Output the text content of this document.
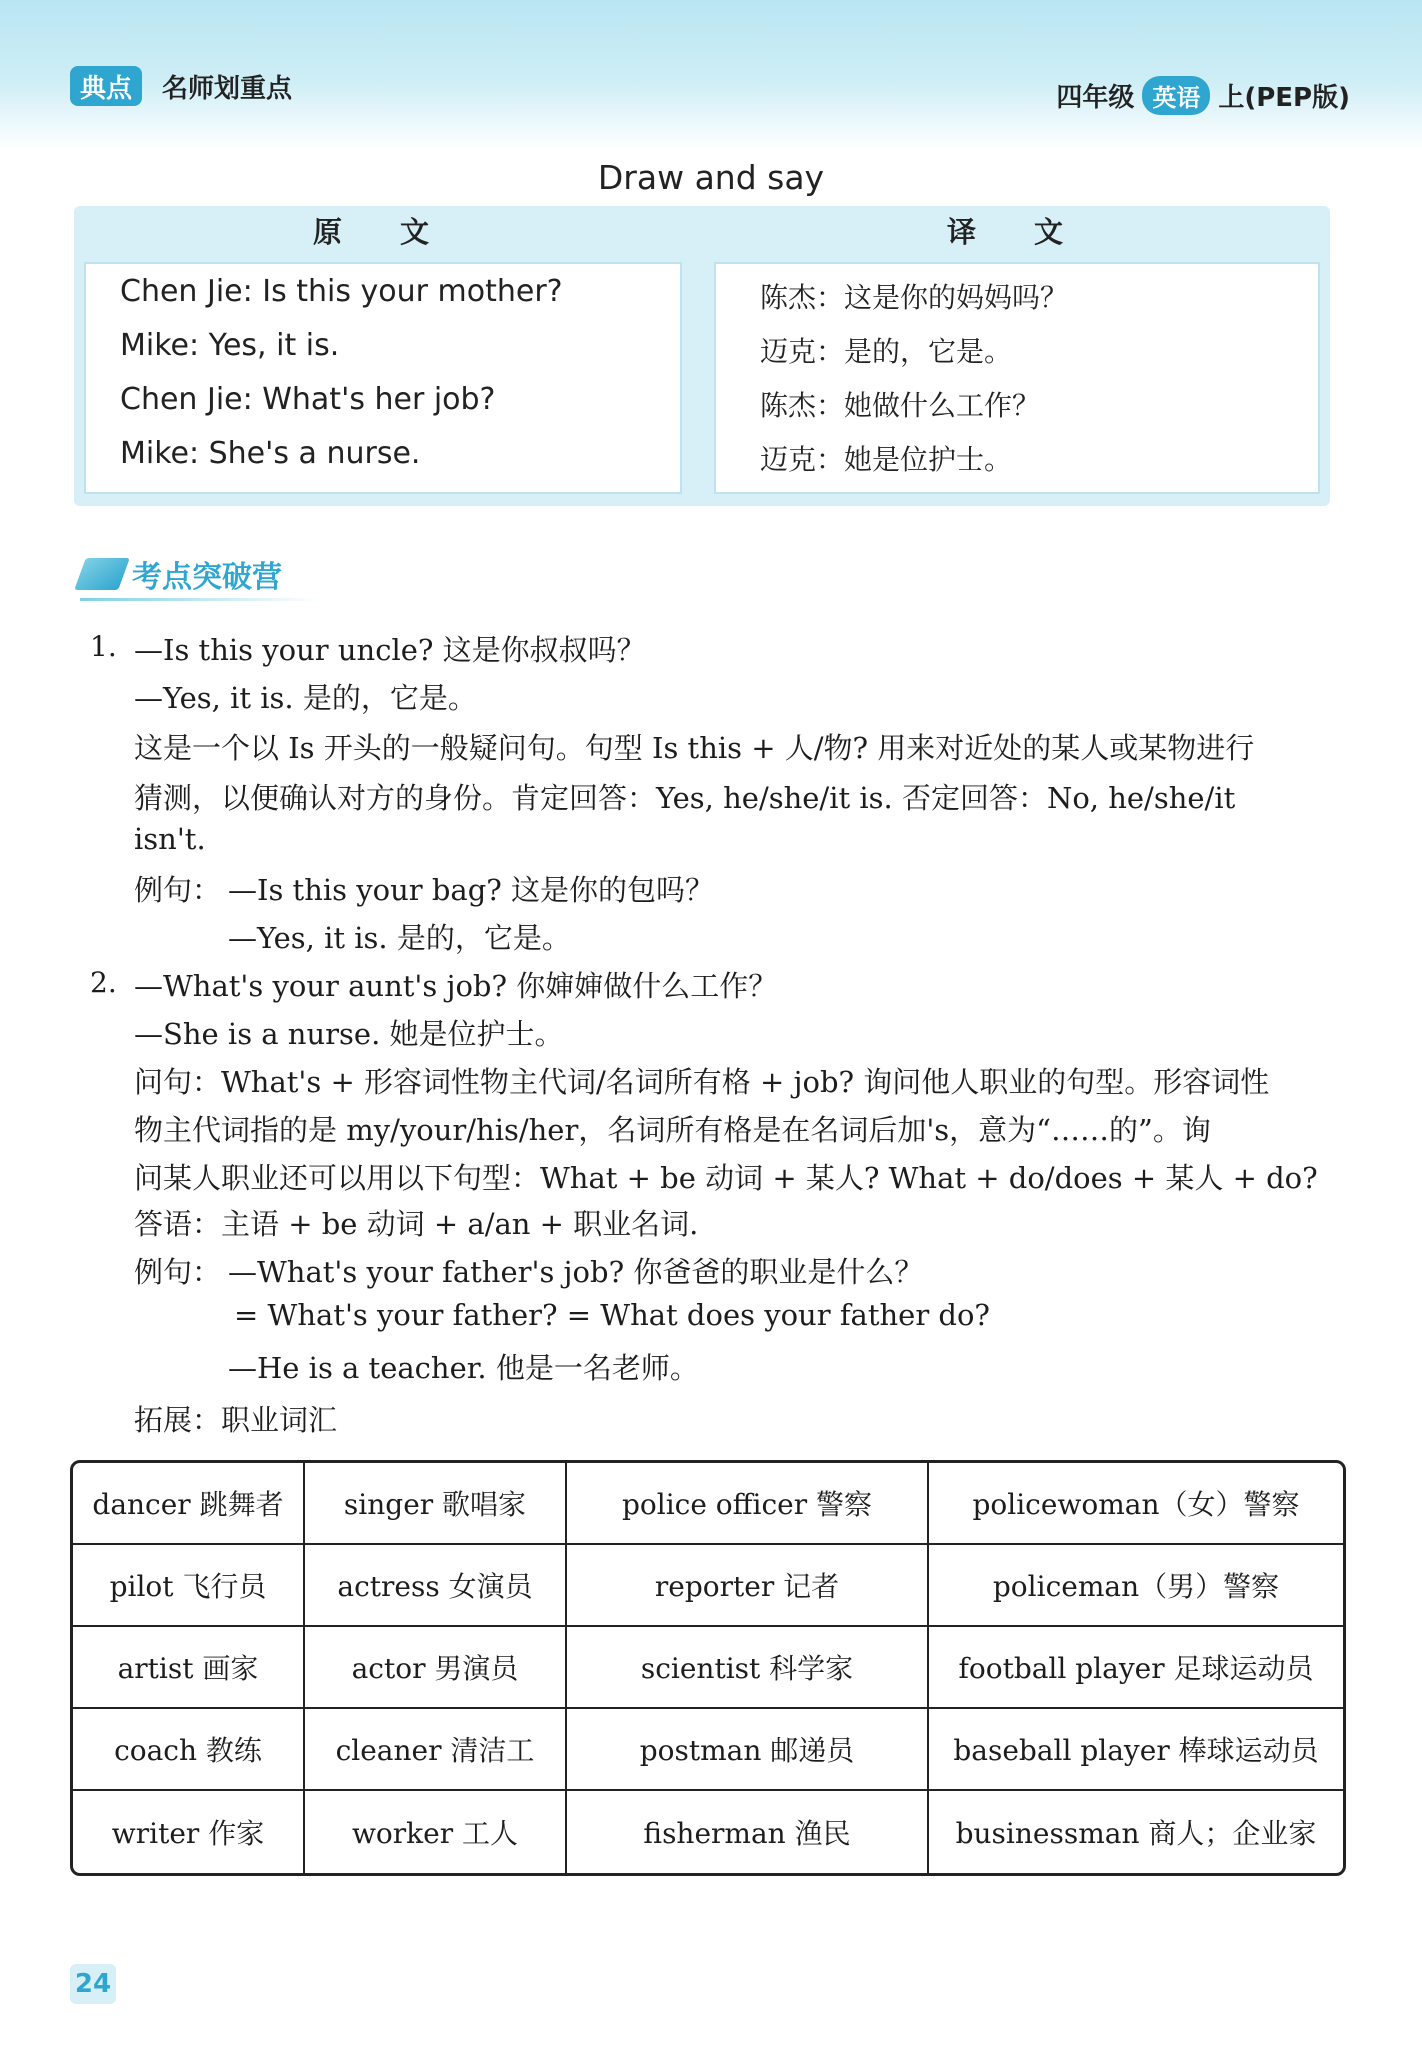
典点	名师划重点	四年级 英语 上(PEP版)
Draw and say
原 文
Chen Jie: Is this your mother?
Mike: Yes, it is.
Chen Jie: What's her job?
Mike: She's a nurse.
译 文
陈杰：这是你的妈妈吗？
迈克：是的，它是。
陈杰：她做什么工作？
迈克：她是位护士。
考点突破营
1. —Is this your uncle? 这是你叔叔吗？
—Yes, it is. 是的，它是。
这是一个以 Is 开头的一般疑问句。句型 Is this + 人/物? 用来对近处的某人或某物进行
猜测，以便确认对方的身份。肯定回答：Yes, he/she/it is. 否定回答：No, he/she/it
isn't.
例句： —Is this your bag? 这是你的包吗？
—Yes, it is. 是的，它是。
2. —What's your aunt's job? 你婶婶做什么工作？
—She is a nurse. 她是位护士。
问句：What's + 形容词性物主代词/名词所有格 + job? 询问他人职业的句型。形容词性
物主代词指的是 my/your/his/her，名词所有格是在名词后加's，意为“……的”。询
问某人职业还可以用以下句型：What + be 动词 + 某人? What + do/does + 某人 + do?
答语：主语 + be 动词 + a/an + 职业名词.
例句： —What's your father's job? 你爸爸的职业是什么？
= What's your father? = What does your father do?
—He is a teacher. 他是一名老师。
拓展：职业词汇
dancer 跳舞者	singer 歌唱家	police officer 警察	policewoman（女）警察
pilot 飞行员	actress 女演员	reporter 记者	policeman（男）警察
artist 画家	actor 男演员	scientist 科学家	football player 足球运动员
coach 教练	cleaner 清洁工	postman 邮递员	baseball player 棒球运动员
writer 作家	worker 工人	fisherman 渔民	businessman 商人；企业家
24
